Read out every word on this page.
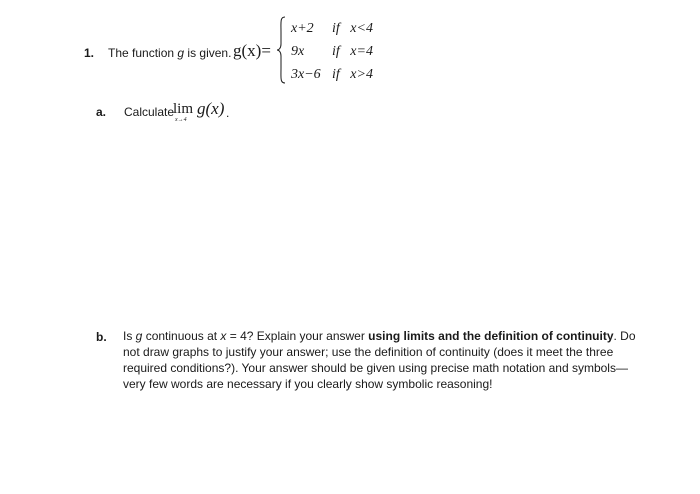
1. The function g is given. g(x)=
x+2 if x<4
9x if x=4
3x−6 if x>4
a. Calculate
lim
x→4
g(x) .
b. Is g continuous at x = 4? Explain your answer using limits and the definition of continuity. Do
not draw graphs to justify your answer; use the definition of continuity (does it meet the three
required conditions?). Your answer should be given using precise math notation and symbols—
very few words are necessary if you clearly show symbolic reasoning!
